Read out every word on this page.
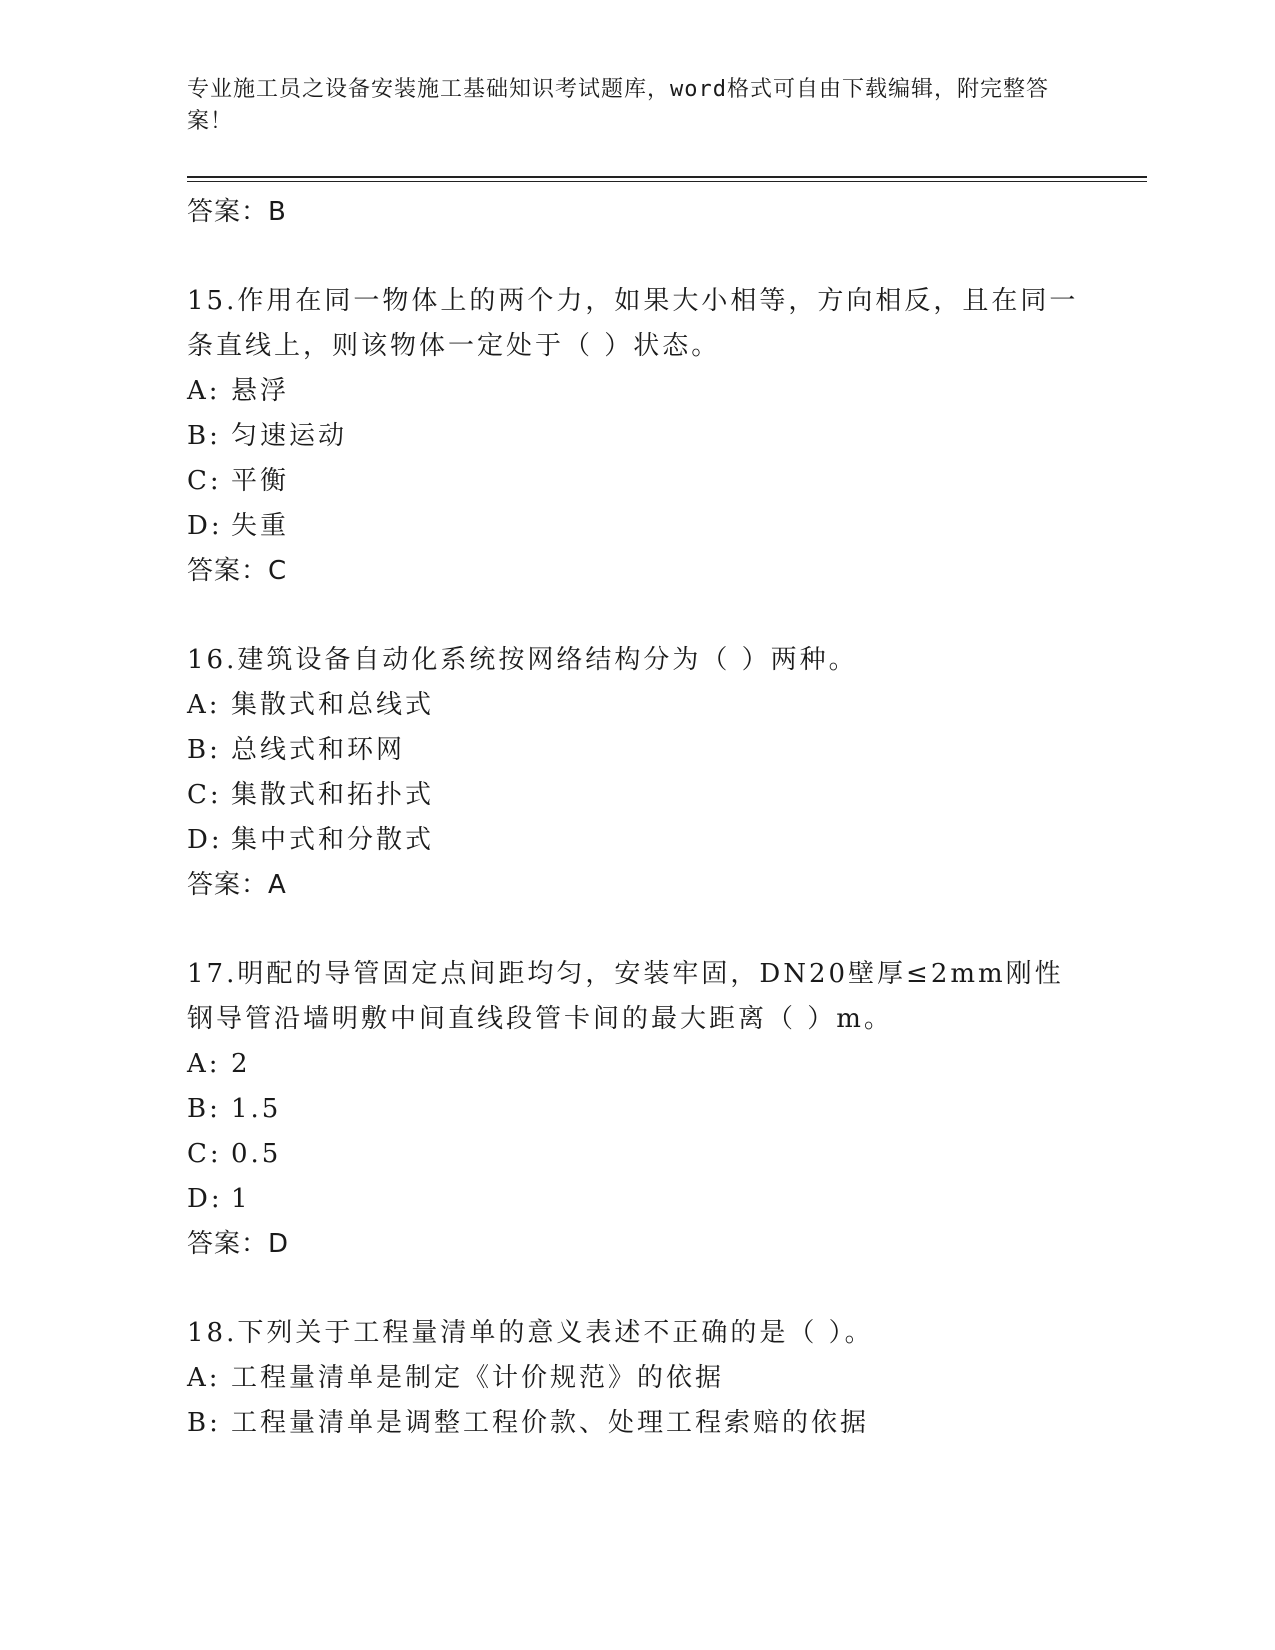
专业施工员之设备安装施工基础知识考试题库，word格式可自由下载编辑，附完整答案！
答案：B
15.作用在同一物体上的两个力，如果大小相等，方向相反，且在同一条直线上，则该物体一定处于（ ）状态。
A: 悬浮
B: 匀速运动
C: 平衡
D: 失重
答案：C
16.建筑设备自动化系统按网络结构分为（ ）两种。
A: 集散式和总线式
B: 总线式和环网
C: 集散式和拓扑式
D: 集中式和分散式
答案：A
17.明配的导管固定点间距均匀，安装牢固，DN20壁厚≤2mm刚性钢导管沿墙明敷中间直线段管卡间的最大距离（ ）m。
A: 2
B: 1.5
C: 0.5
D: 1
答案：D
18.下列关于工程量清单的意义表述不正确的是（ ）。
A: 工程量清单是制定《计价规范》的依据
B: 工程量清单是调整工程价款、处理工程索赔的依据
